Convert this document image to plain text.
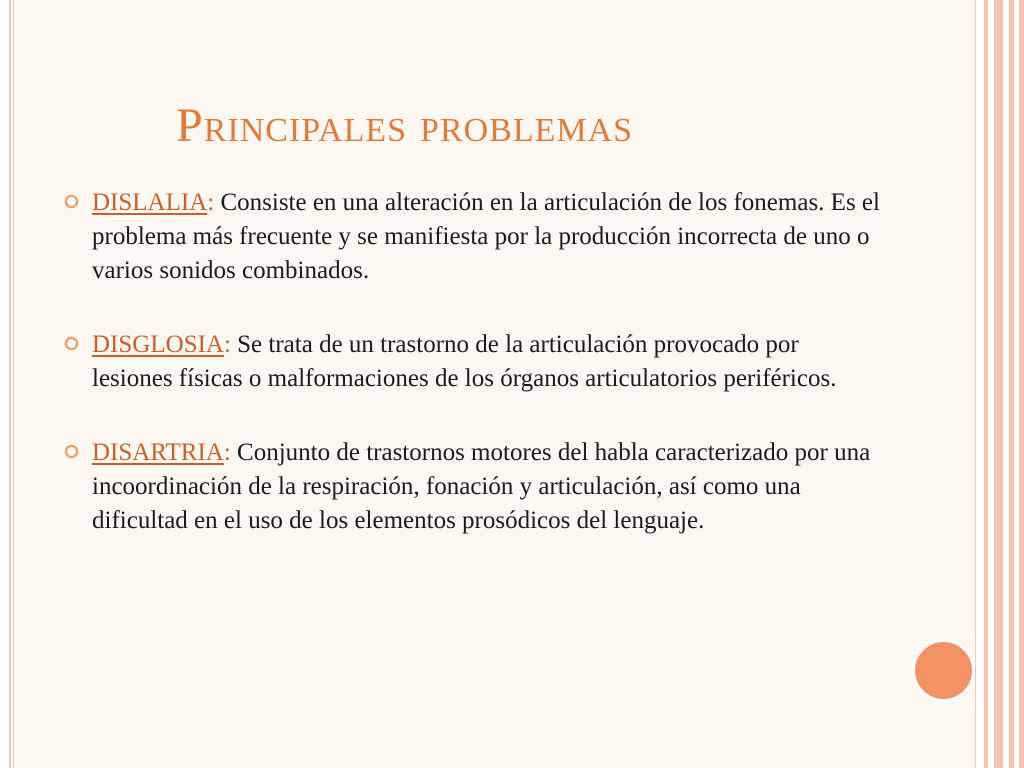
Principales problemas
DISLALIA: Consiste en una alteración en la articulación de los fonemas. Es el problema más frecuente y se manifiesta por la producción incorrecta de uno o varios sonidos combinados.
DISGLOSIA: Se trata de un trastorno de la articulación provocado por lesiones físicas o malformaciones de los órganos articulatorios periféricos.
DISARTRIA: Conjunto de trastornos motores del habla caracterizado por una incoordinación de la respiración, fonación y articulación, así como una dificultad en el uso de los elementos prosódicos del lenguaje.
